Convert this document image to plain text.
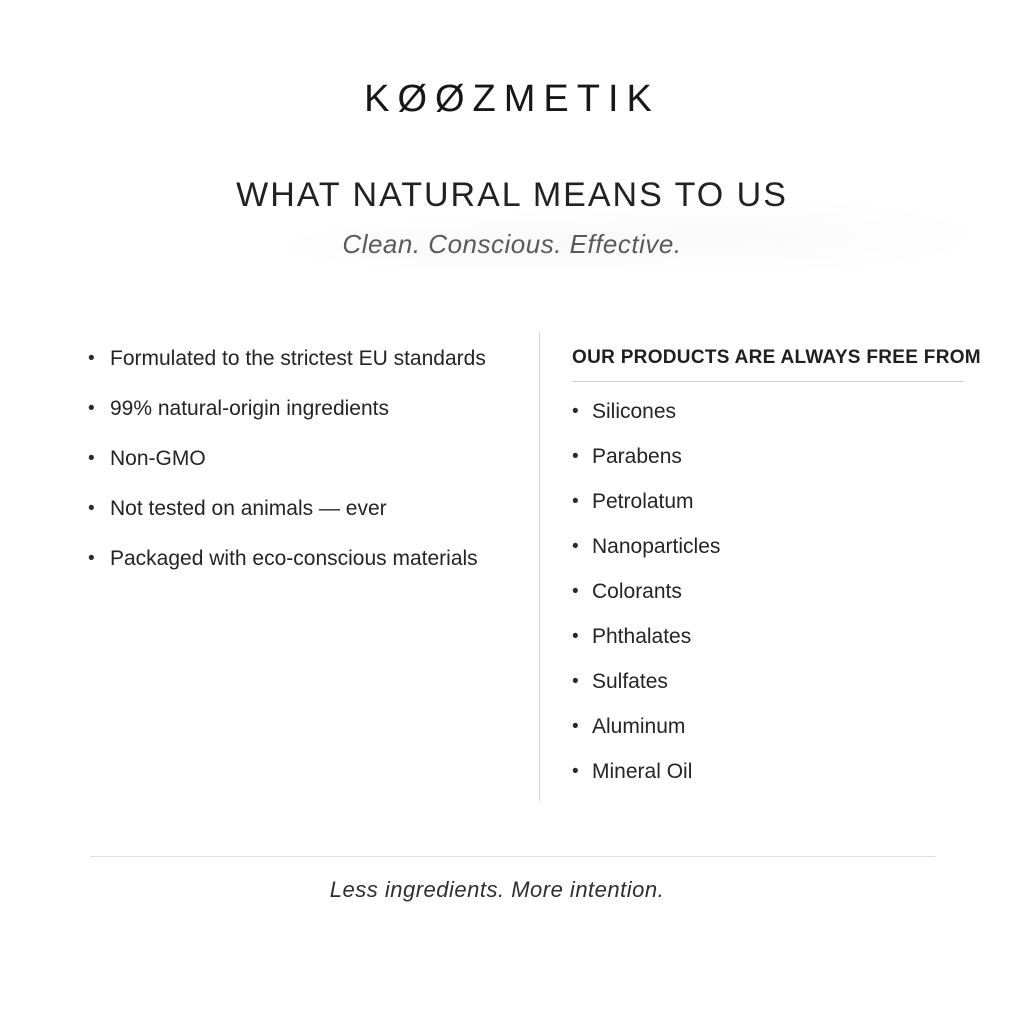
KØØZMETIK
WHAT NATURAL MEANS TO US
Clean. Conscious. Effective.
• Formulated to the strictest EU standards
• 99% natural-origin ingredients
• Non-GMO
• Not tested on animals — ever
• Packaged with eco-conscious materials
OUR PRODUCTS ARE ALWAYS FREE FROM
• Silicones
• Parabens
• Petrolatum
• Nanoparticles
• Colorants
• Phthalates
• Sulfates
• Aluminum
• Mineral Oil
Less ingredients. More intention.
